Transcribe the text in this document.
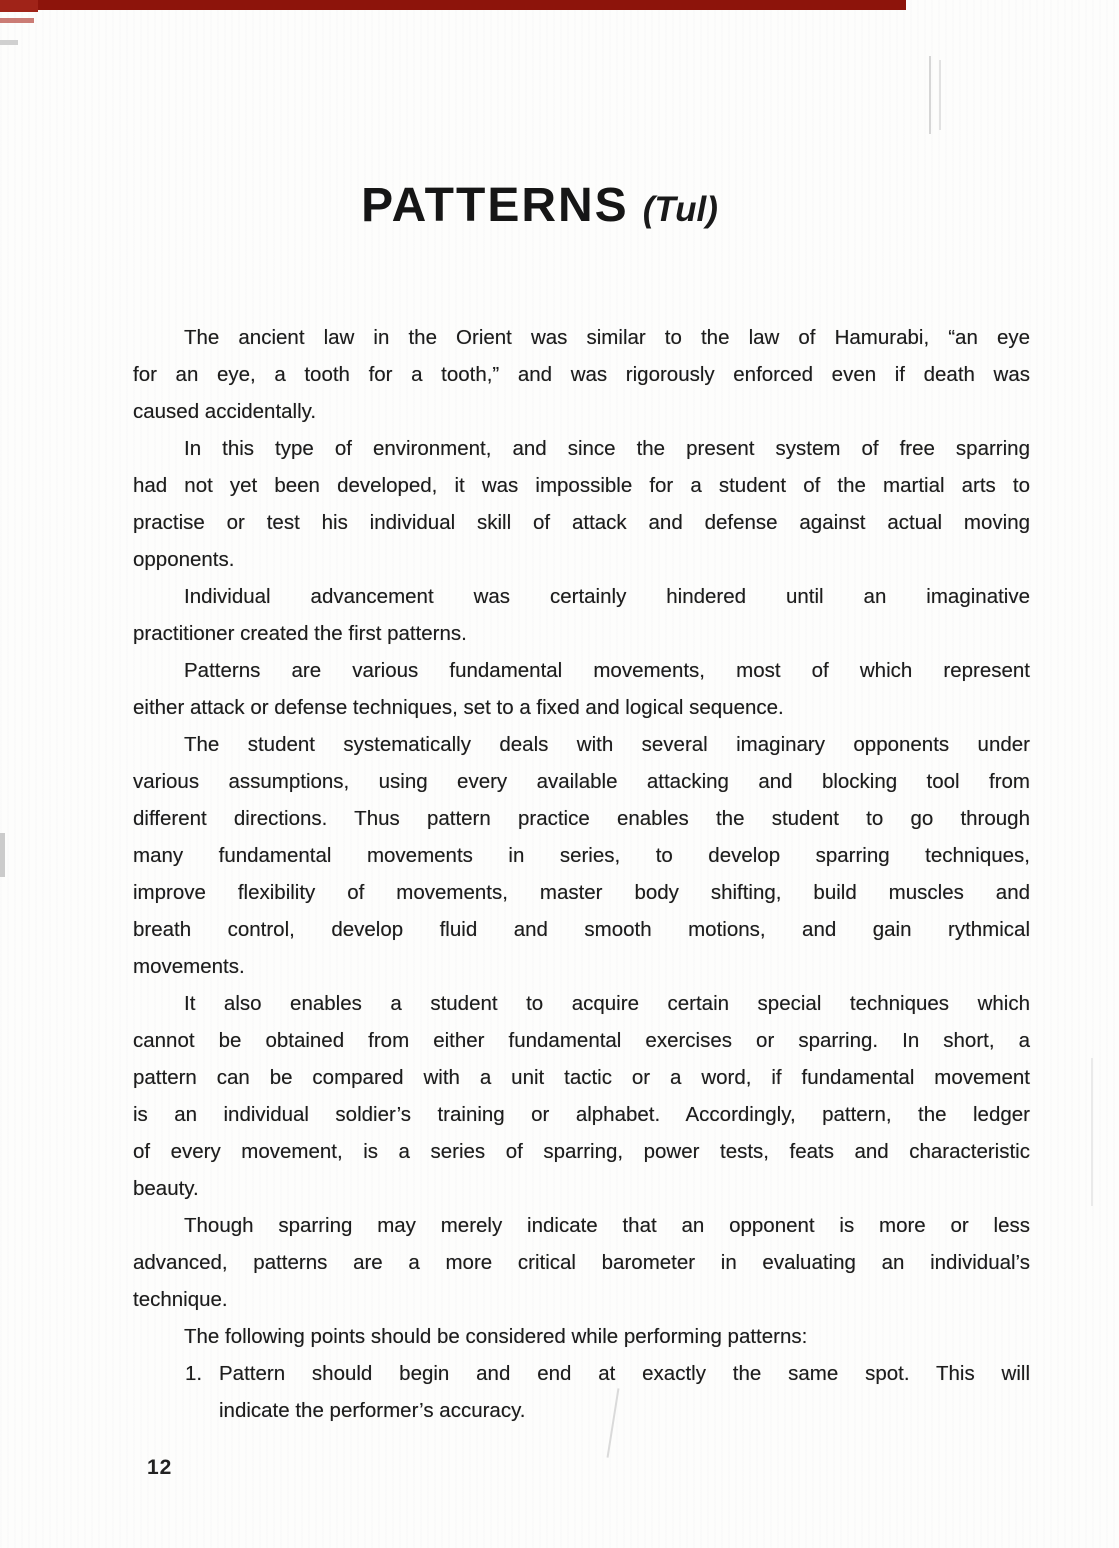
PATTERNS (Tul)
The ancient law in the Orient was similar to the law of Hamurabi, “an eye
for an eye, a tooth for a tooth,” and was rigorously enforced even if death was
caused accidentally.
In this type of environment, and since the present system of free sparring
had not yet been developed, it was impossible for a student of the martial arts to
practise or test his individual skill of attack and defense against actual moving
opponents.
Individual advancement was certainly hindered until an imaginative
practitioner created the first patterns.
Patterns are various fundamental movements, most of which represent
either attack or defense techniques, set to a fixed and logical sequence.
The student systematically deals with several imaginary opponents under
various assumptions, using every available attacking and blocking tool from
different directions. Thus pattern practice enables the student to go through
many fundamental movements in series, to develop sparring techniques,
improve flexibility of movements, master body shifting, build muscles and
breath control, develop fluid and smooth motions, and gain rythmical
movements.
It also enables a student to acquire certain special techniques which
cannot be obtained from either fundamental exercises or sparring. In short, a
pattern can be compared with a unit tactic or a word, if fundamental movement
is an individual soldier’s training or alphabet. Accordingly, pattern, the ledger
of every movement, is a series of sparring, power tests, feats and characteristic
beauty.
Though sparring may merely indicate that an opponent is more or less
advanced, patterns are a more critical barometer in evaluating an individual’s
technique.
The following points should be considered while performing patterns:
1. Pattern should begin and end at exactly the same spot. This will
indicate the performer’s accuracy.
12
